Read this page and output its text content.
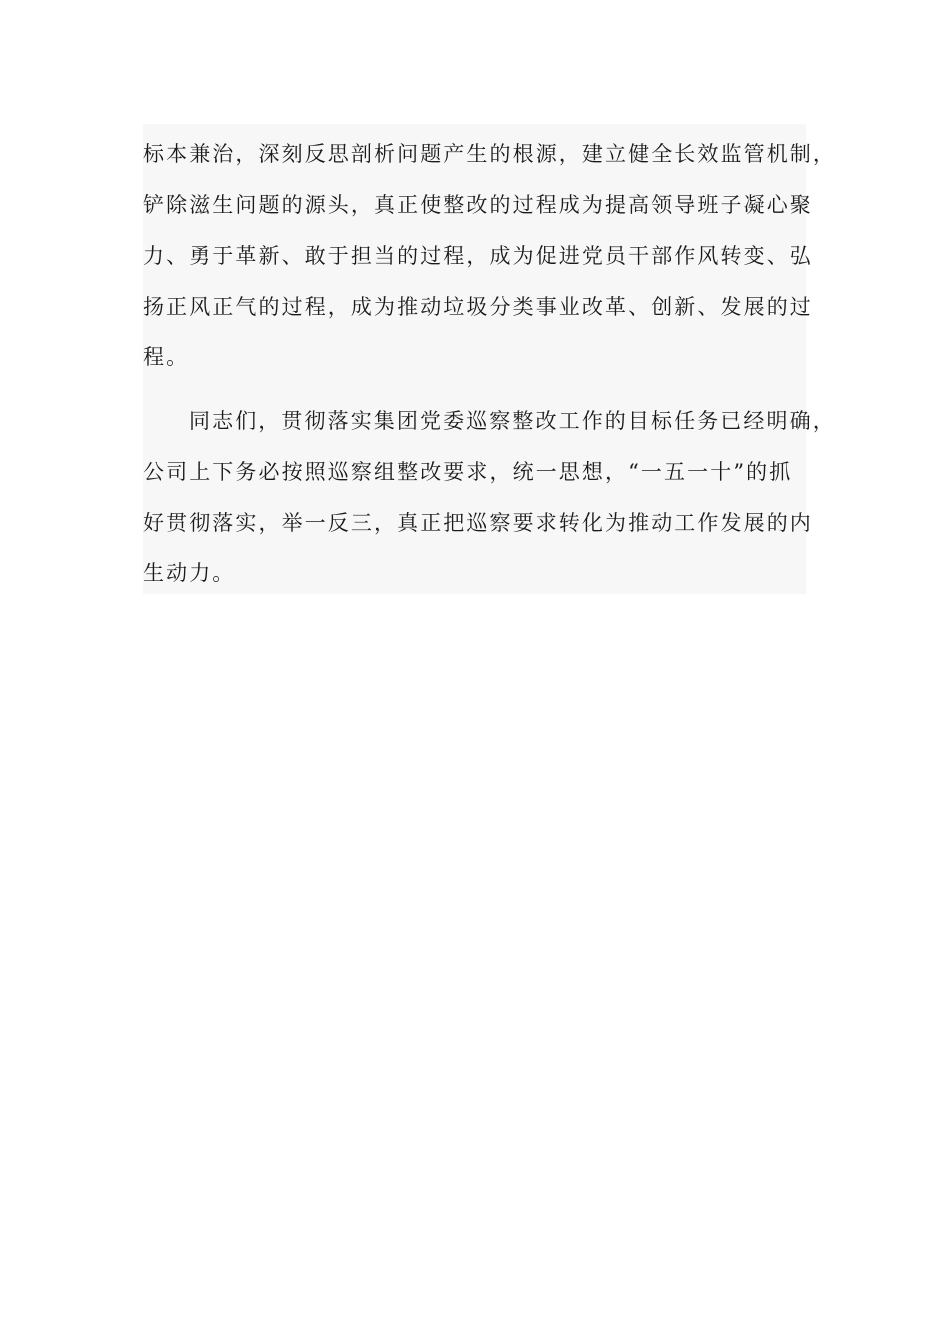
标本兼治，深刻反思剖析问题产生的根源，建立健全长效监管机制，
铲除滋生问题的源头，真正使整改的过程成为提高领导班子凝心聚
力、勇于革新、敢于担当的过程，成为促进党员干部作风转变、弘
扬正风正气的过程，成为推动垃圾分类事业改革、创新、发展的过
程。
同志们，贯彻落实集团党委巡察整改工作的目标任务已经明确，
公司上下务必按照巡察组整改要求，统一思想，“一五一十”的抓
好贯彻落实，举一反三，真正把巡察要求转化为推动工作发展的内
生动力。
